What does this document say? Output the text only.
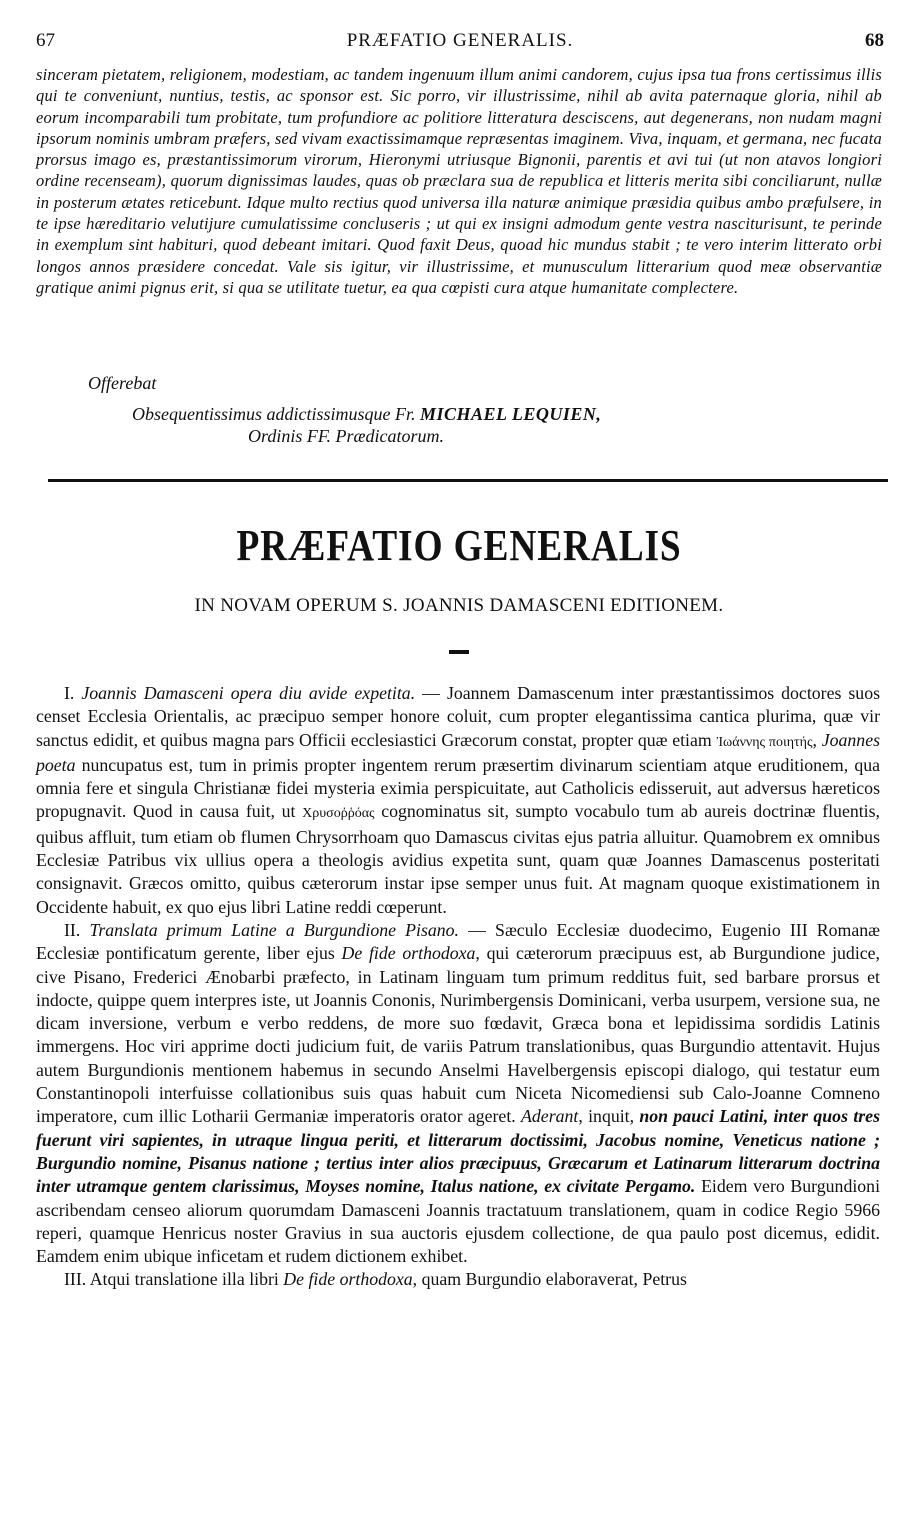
67	PRÆFATIO GENERALIS.	68

sinceram pietatem, religionem, modestiam, ac tandem ingenuum illum animi candorem, cujus ipsa tua frons certissimus illis qui te conveniunt, nuntius, testis, ac sponsor est. Sic porro, vir illustrissime, nihil ab avita paternaque gloria, nihil ab eorum incomparabili tum probitate, tum profundiore ac politiore litteratura desciscens, aut degenerans, non nudam magni ipsorum nominis umbram præfers, sed vivam exactissimamque repræsentas imaginem. Viva, inquam, et germana, nec fucata prorsus imago es, præstantissimorum virorum, Hieronymi utriusque Bignonii, parentis et avi tui (ut non atavos longiori ordine recenseam), quorum dignissimas laudes, quas ob præclara sua de republica et litteris merita sibi conciliarunt, nullæ in posterum ætates reticebunt. Idque multo rectius quod universa illa naturæ animique præsidia quibus ambo præfulsere, in te ipse hæreditario velutijure cumulatissime concluseris ; ut qui ex insigni admodum gente vestra nasciturisunt, te perinde in exemplum sint habituri, quod debeant imitari. Quod faxit Deus, quoad hic mundus stabit ; te vero interim litterato orbi longos annos præsidere concedat. Vale sis igitur, vir illustrissime, et munusculum litterarium quod meæ observantiæ gratique animi pignus erit, si qua se utilitate tuetur, ea qua cœpisti cura atque humanitate complectere.

Offerebat
Obsequentissimus addictissimusque Fr. MICHAEL LEQUIEN,
Ordinis FF. Prædicatorum.
PRÆFATIO GENERALIS
IN NOVAM OPERUM S. JOANNIS DAMASCENI EDITIONEM.

I. Joannis Damasceni opera diu avide expetita. — Joannem Damascenum inter præstantissimos doctores suos censet Ecclesia Orientalis, ac præcipuo semper honore coluit, cum propter elegantissima cantica plurima, quæ vir sanctus edidit, et quibus magna pars Officii ecclesiastici Græcorum constat, propter quæ etiam Ἰωάννης ποιητής, Joannes poeta nuncupatus est, tum in primis propter ingentem rerum præsertim divinarum scientiam atque eruditionem, qua omnia fere et singula Christianæ fidei mysteria eximia perspicuitate, aut Catholicis edisseruit, aut adversus hæreticos propugnavit. Quod in causa fuit, ut Χρυσοῤῥόας cognominatus sit, sumpto vocabulo tum ab aureis doctrinæ fluentis, quibus affluit, tum etiam ob flumen Chrysorrhoam quo Damascus civitas ejus patria alluitur. Quamobrem ex omnibus Ecclesiæ Patribus vix ullius opera a theologis avidius expetita sunt, quam quæ Joannes Damascenus posteritati consignavit. Græcos omitto, quibus cæterorum instar ipse semper unus fuit. At magnam quoque existimationem in Occidente habuit, ex quo ejus libri Latine reddi cœperunt.

II. Translata primum Latine a Burgundione Pisano. — Sæculo Ecclesiæ duodecimo, Eugenio III Romanæ Ecclesiæ pontificatum gerente, liber ejus De fide orthodoxa, qui cæterorum præcipuus est, ab Burgundione judice, cive Pisano, Frederici Ænobarbi præfecto, in Latinam linguam tum primum redditus fuit, sed barbare prorsus et indocte, quippe quem interpres iste, ut Joannis Cononis, Nurimbergensis Dominicani, verba usurpem, versione sua, ne dicam inversione, verbum e verbo reddens, de more suo fœdavit, Græca bona et lepidissima sordidis Latinis immergens. Hoc viri apprime docti judicium fuit, de variis Patrum translationibus, quas Burgundio attentavit. Hujus autem Burgundionis mentionem habemus in secundo Anselmi Havelbergensis episcopi dialogo, qui testatur eum Constantinopoli interfuisse collationibus suis quas habuit cum Niceta Nicomediensi sub Calo-Joanne Comneno imperatore, cum illic Lotharii Germaniæ imperatoris orator ageret. Aderant, inquit, non pauci Latini, inter quos tres fuerunt viri sapientes, in utraque lingua periti, et litterarum doctissimi, Jacobus nomine, Veneticus natione ; Burgundio nomine, Pisanus natione ; tertius inter alios præcipuus, Græcarum et Latinarum litterarum doctrina inter utramque gentem clarissimus, Moyses nomine, Italus natione, ex civitate Pergamo. Eidem vero Burgundioni ascribendam censeo aliorum quorumdam Damasceni Joannis tractatuum translationem, quam in codice Regio 5966 reperi, quamque Henricus noster Gravius in sua auctoris ejusdem collectione, de qua paulo post dicemus, edidit. Eamdem enim ubique inficetam et rudem dictionem exhibet.

III. Atqui translatione illa libri De fide orthodoxa, quam Burgundio elaboraverat, Petrus
